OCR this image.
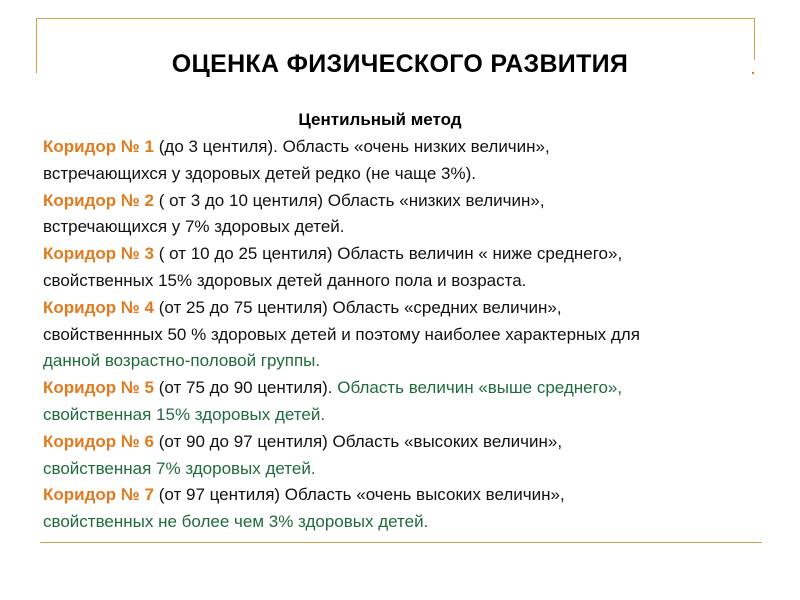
ОЦЕНКА ФИЗИЧЕСКОГО РАЗВИТИЯ
Центильный метод
Коридор № 1 (до 3 центиля). Область «очень низких величин»,
встречающихся у здоровых детей редко (не чаще 3%).
Коридор № 2 ( от 3 до 10 центиля) Область «низких величин»,
встречающихся у 7% здоровых детей.
Коридор № 3 ( от 10 до 25 центиля) Область величин « ниже среднего»,
свойственных 15% здоровых детей данного пола и возраста.
Коридор № 4 (от 25 до 75 центиля) Область «средних величин»,
свойственнных 50 % здоровых детей и поэтому наиболее характерных для
данной возрастно-половой группы.
Коридор № 5 (от 75 до 90 центиля). Область величин «выше среднего»,
свойственная 15% здоровых детей.
Коридор № 6 (от 90 до 97 центиля) Область «высоких величин»,
свойственная 7% здоровых детей.
Коридор № 7 (от 97 центиля) Область «очень высоких величин»,
свойственных не более чем 3% здоровых детей.
